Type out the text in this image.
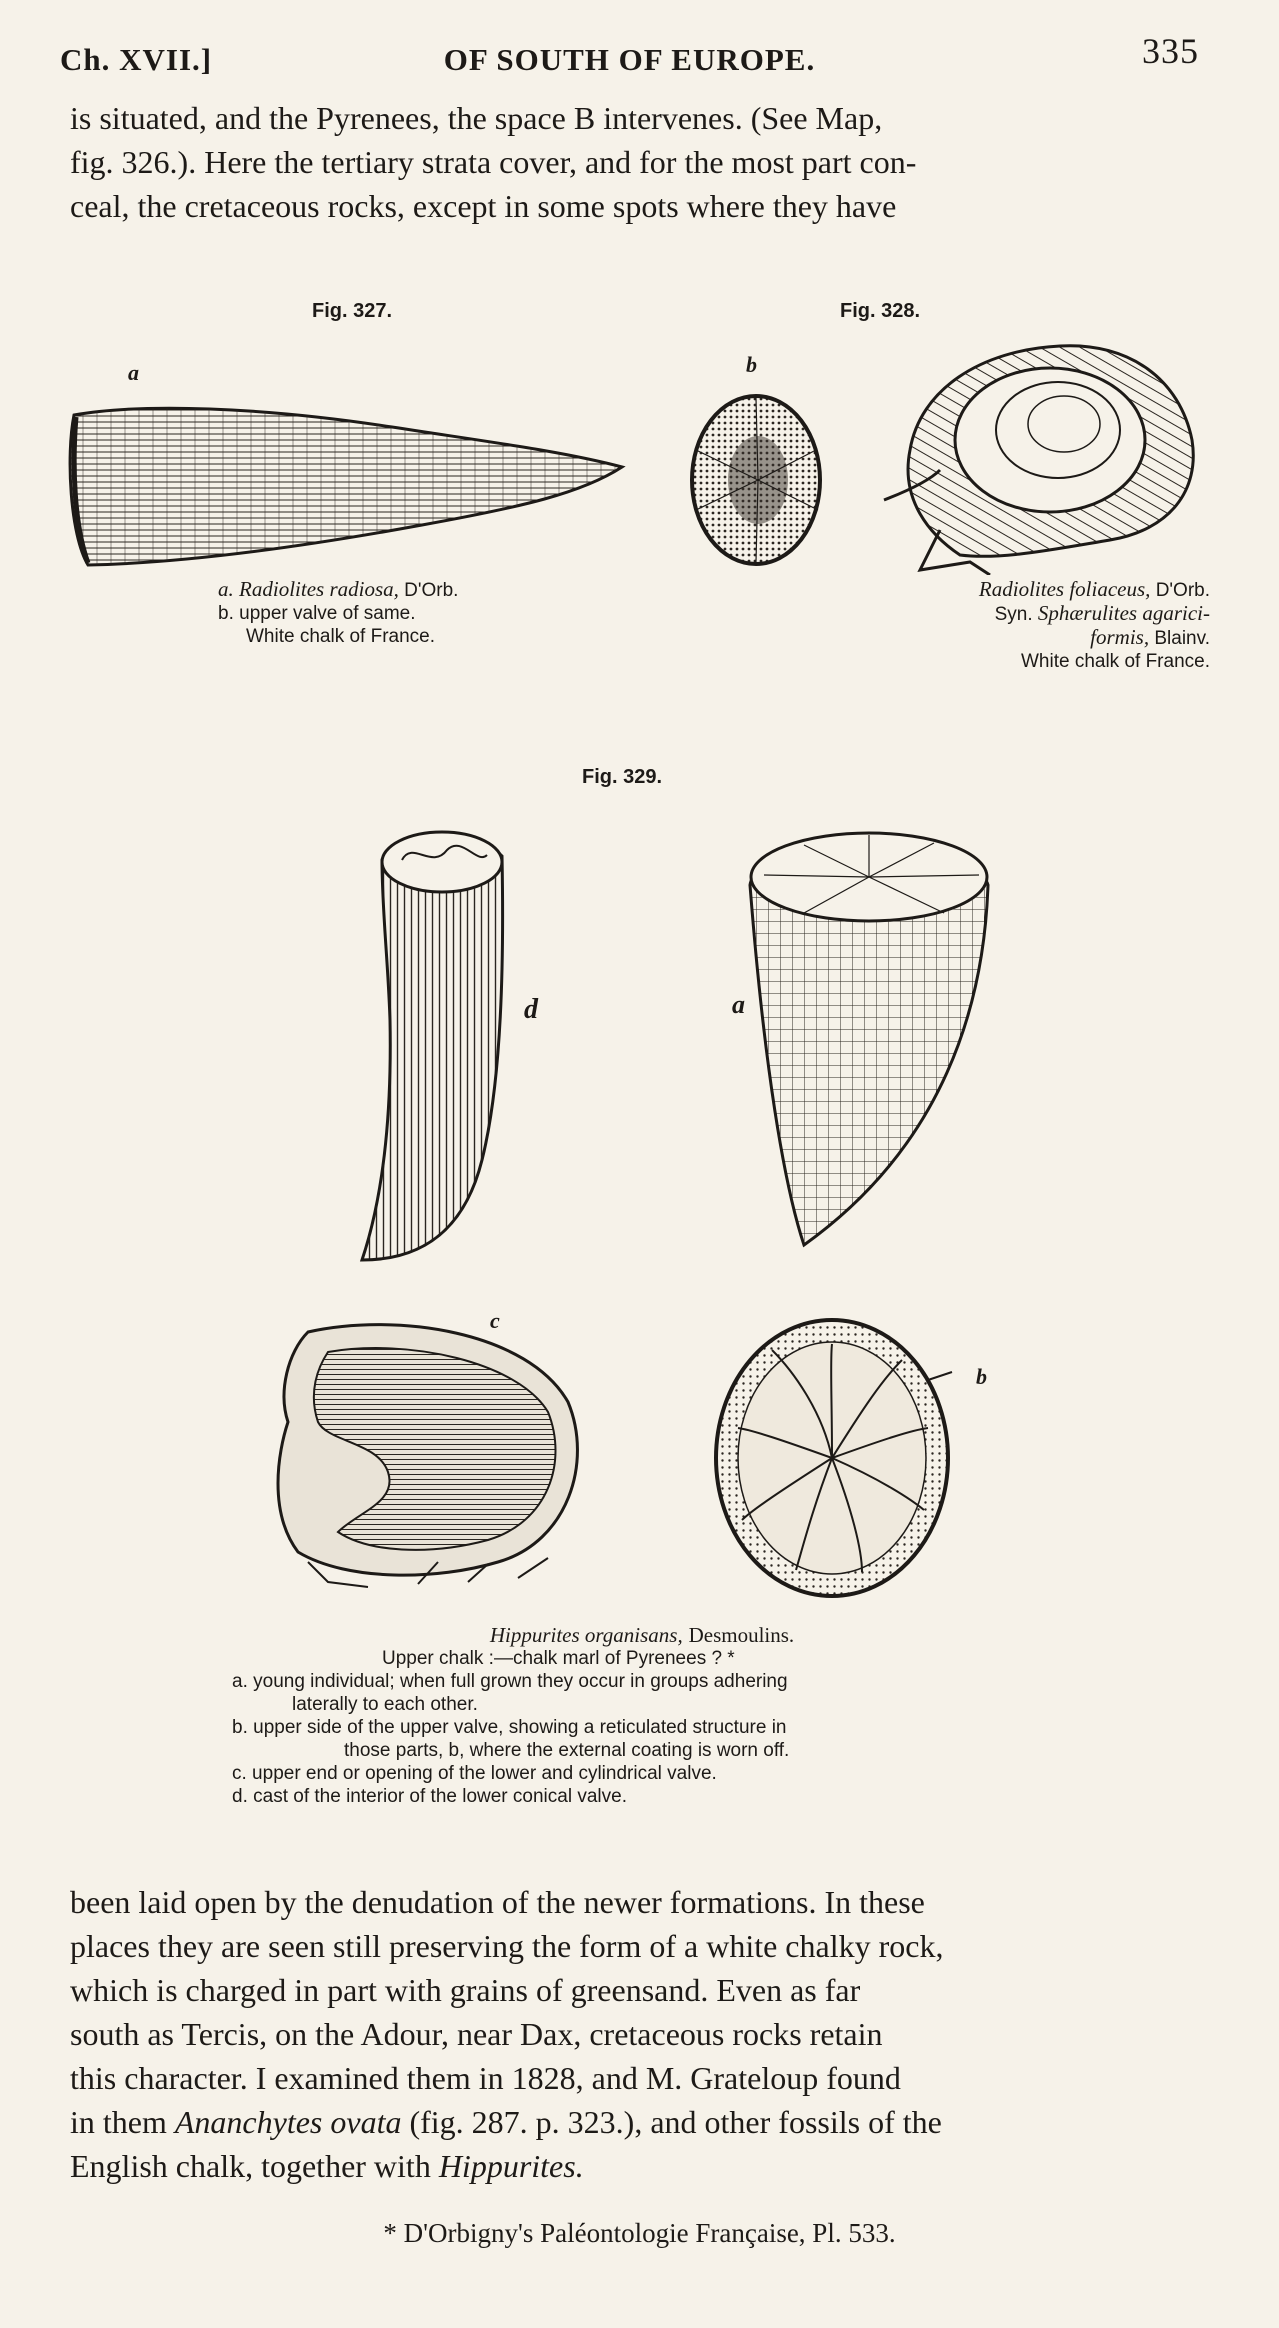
Ch. XVII.]	OF SOUTH OF EUROPE.	335

is situated, and the Pyrenees, the space B intervenes. (See Map,

fig. 326.). Here the tertiary strata cover, and for the most part con-

ceal, the cretaceous rocks, except in some spots where they have

Fig. 327.
a	b
Fig. 328.
a. Radiolites radiosa, D'Orb.
b. upper valve of same.
White chalk of France.
Radiolites foliaceus, D'Orb.
Syn. Sphærulites agarici-
formis, Blainv.
White chalk of France.
Fig. 329.
d	a
c
b
Hippurites organisans, Desmoulins.
Upper chalk :—chalk marl of Pyrenees ? *
a. young individual; when full grown they occur in groups adhering
laterally to each other.
b. upper side of the upper valve, showing a reticulated structure in
those parts, b, where the external coating is worn off.
c. upper end or opening of the lower and cylindrical valve.
d. cast of the interior of the lower conical valve.

been laid open by the denudation of the newer formations. In these

places they are seen still preserving the form of a white chalky rock,

which is charged in part with grains of greensand. Even as far

south as Tercis, on the Adour, near Dax, cretaceous rocks retain

this character. I examined them in 1828, and M. Grateloup found

in them Ananchytes ovata (fig. 287. p. 323.), and other fossils of the

English chalk, together with Hippurites.

* D'Orbigny's Paléontologie Française, Pl. 533.
